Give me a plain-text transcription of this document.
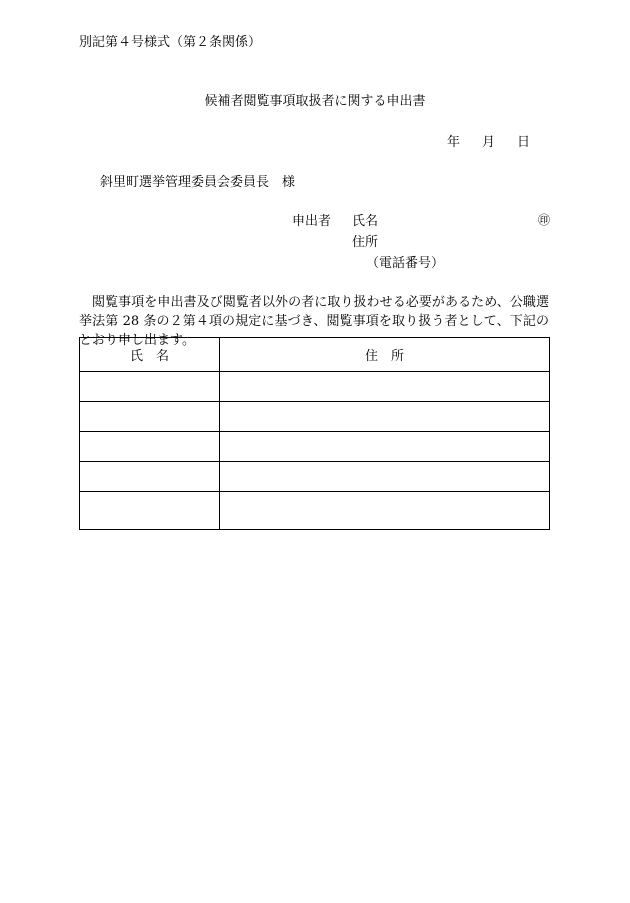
別記第４号様式（第２条関係）
候補者閲覧事項取扱者に関する申出書
年 月 日
斜里町選挙管理委員会委員長　様
申出者 氏名	㊞
住所
（電話番号）
閲覧事項を申出書及び閲覧者以外の者に取り扱わせる必要があるため、公職選挙法第 28 条の２第４項の規定に基づき、閲覧事項を取り扱う者として、下記のとおり申し出ます。
氏　名	住　所
